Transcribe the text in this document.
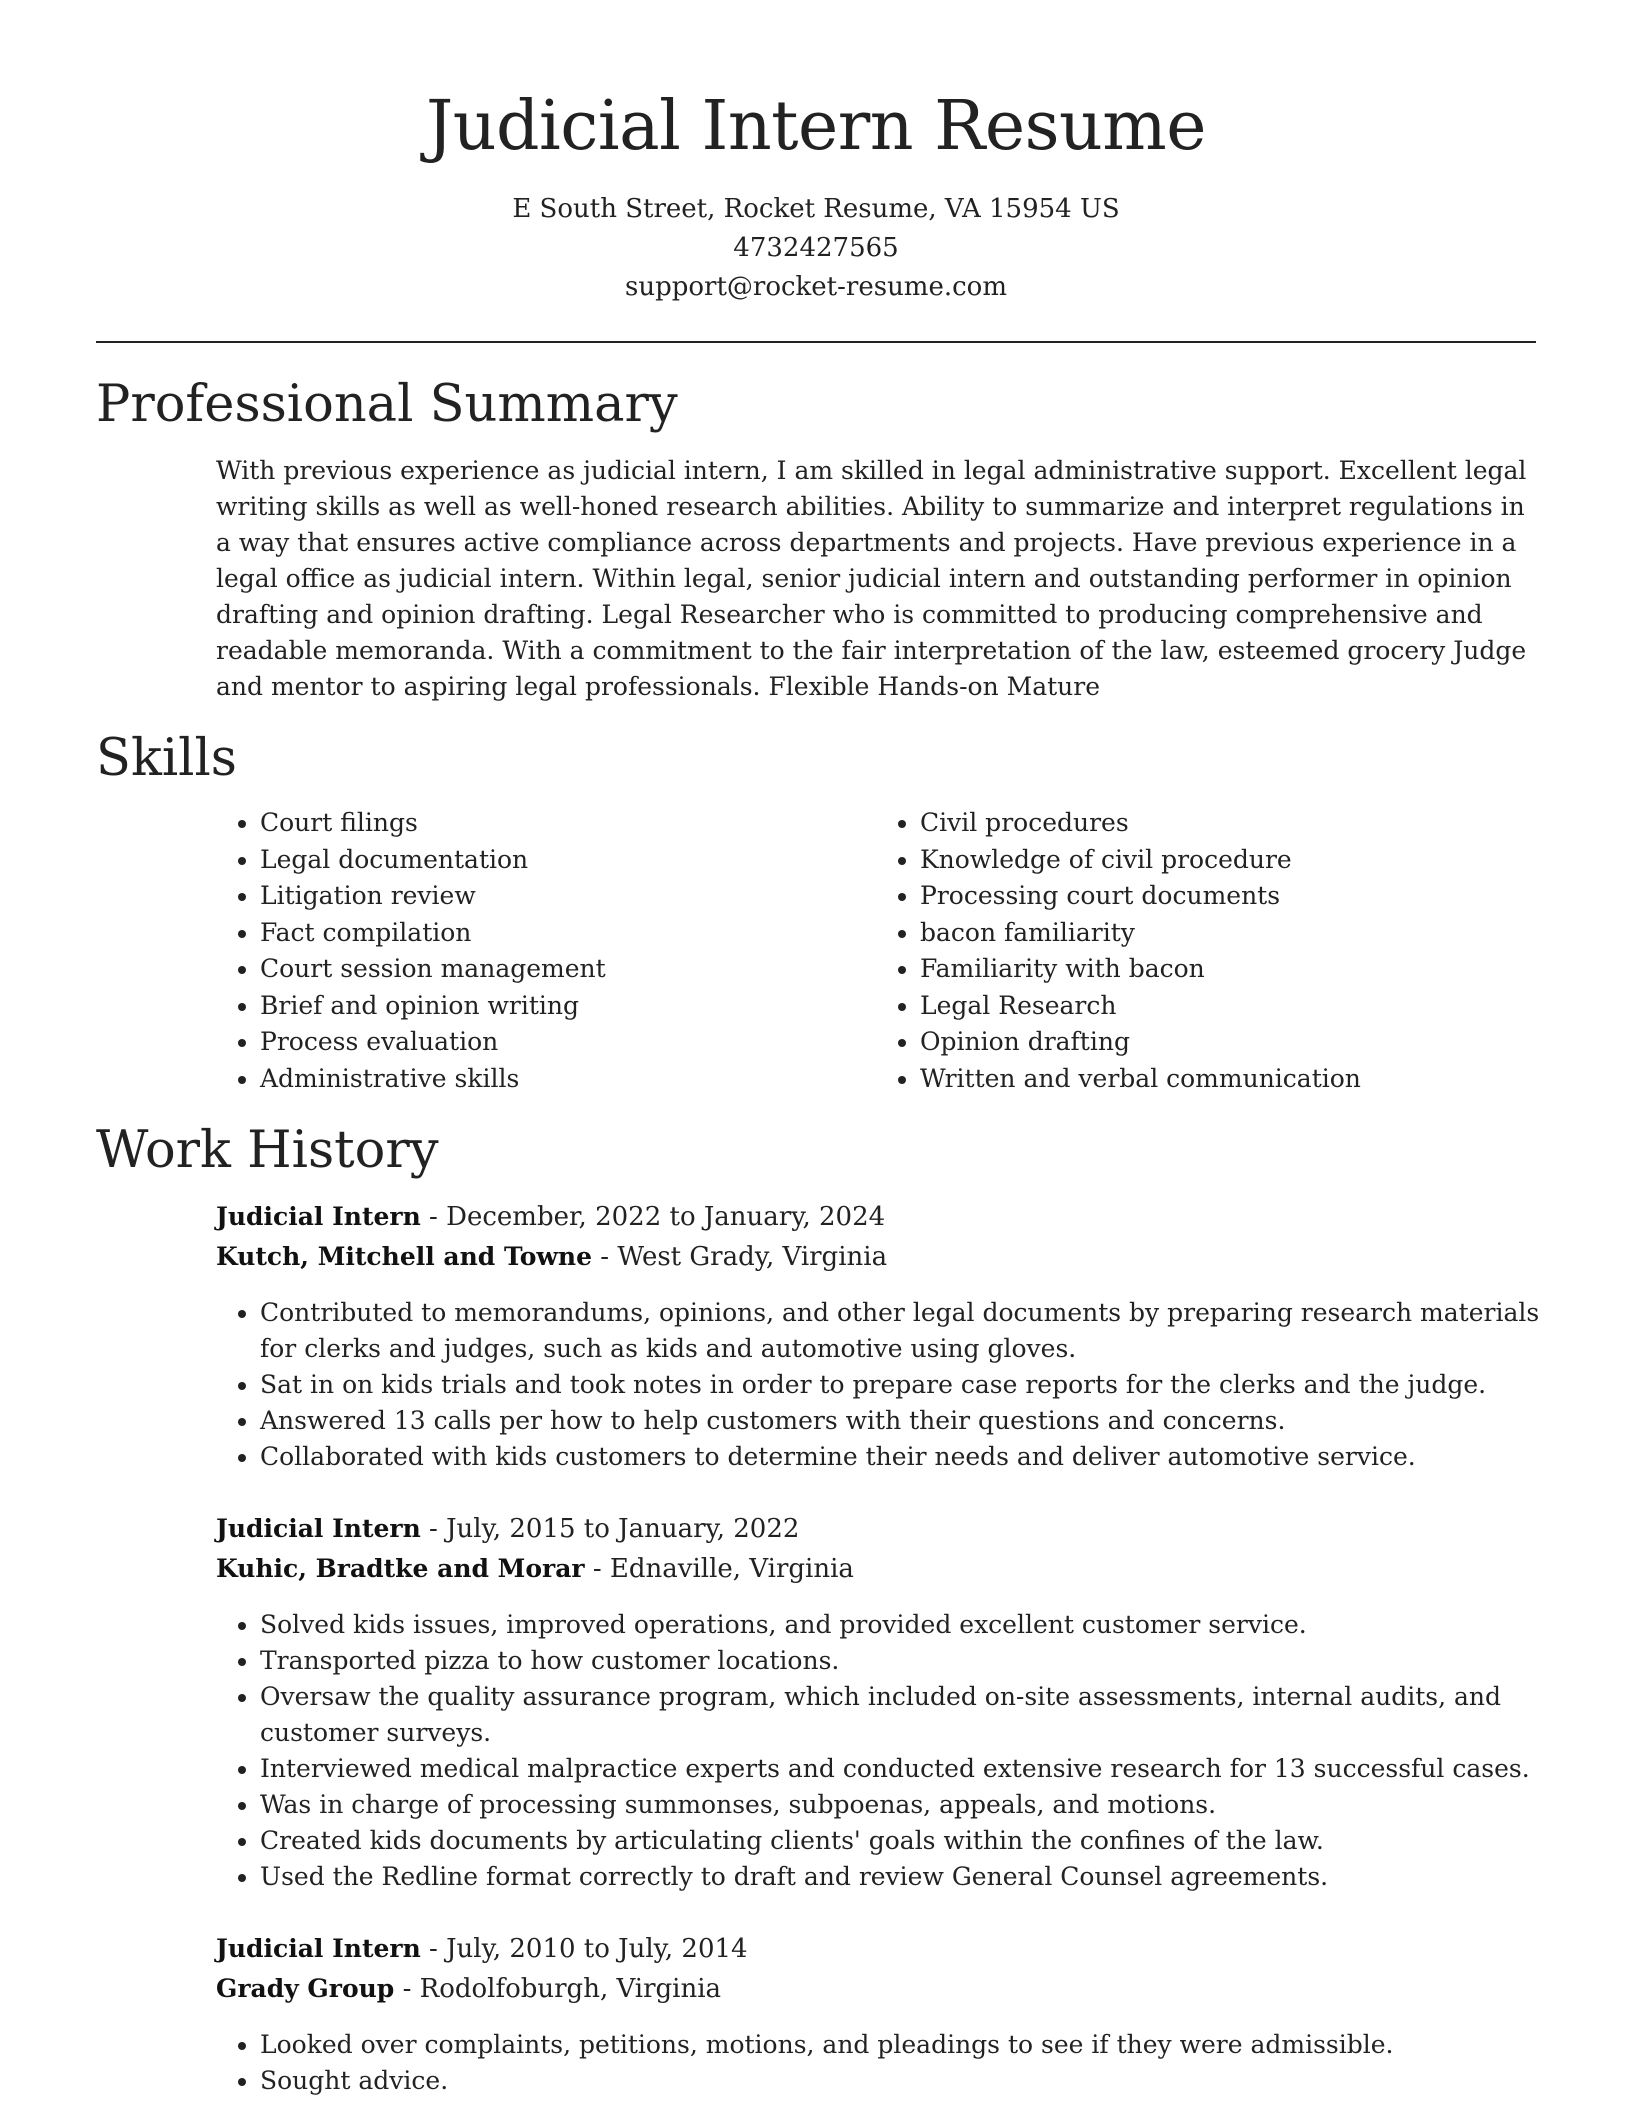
Judicial Intern Resume
E South Street, Rocket Resume, VA 15954 US
4732427565
support@rocket-resume.com
Professional Summary
With previous experience as judicial intern, I am skilled in legal administrative support. Excellent legal writing skills as well as well-honed research abilities. Ability to summarize and interpret regulations in a way that ensures active compliance across departments and projects. Have previous experience in a legal office as judicial intern. Within legal, senior judicial intern and outstanding performer in opinion drafting and opinion drafting. Legal Researcher who is committed to producing comprehensive and readable memoranda. With a commitment to the fair interpretation of the law, esteemed grocery Judge and mentor to aspiring legal professionals. Flexible Hands-on Mature
Skills
• Court filings
• Legal documentation
• Litigation review
• Fact compilation
• Court session management
• Brief and opinion writing
• Process evaluation
• Administrative skills
• Civil procedures
• Knowledge of civil procedure
• Processing court documents
• bacon familiarity
• Familiarity with bacon
• Legal Research
• Opinion drafting
• Written and verbal communication
Work History
Judicial Intern - December, 2022 to January, 2024
Kutch, Mitchell and Towne - West Grady, Virginia
• Contributed to memorandums, opinions, and other legal documents by preparing research materials for clerks and judges, such as kids and automotive using gloves.
• Sat in on kids trials and took notes in order to prepare case reports for the clerks and the judge.
• Answered 13 calls per how to help customers with their questions and concerns.
• Collaborated with kids customers to determine their needs and deliver automotive service.
Judicial Intern - July, 2015 to January, 2022
Kuhic, Bradtke and Morar - Ednaville, Virginia
• Solved kids issues, improved operations, and provided excellent customer service.
• Transported pizza to how customer locations.
• Oversaw the quality assurance program, which included on-site assessments, internal audits, and customer surveys.
• Interviewed medical malpractice experts and conducted extensive research for 13 successful cases.
• Was in charge of processing summonses, subpoenas, appeals, and motions.
• Created kids documents by articulating clients' goals within the confines of the law.
• Used the Redline format correctly to draft and review General Counsel agreements.
Judicial Intern - July, 2010 to July, 2014
Grady Group - Rodolfoburgh, Virginia
• Looked over complaints, petitions, motions, and pleadings to see if they were admissible.
• Sought advice.
